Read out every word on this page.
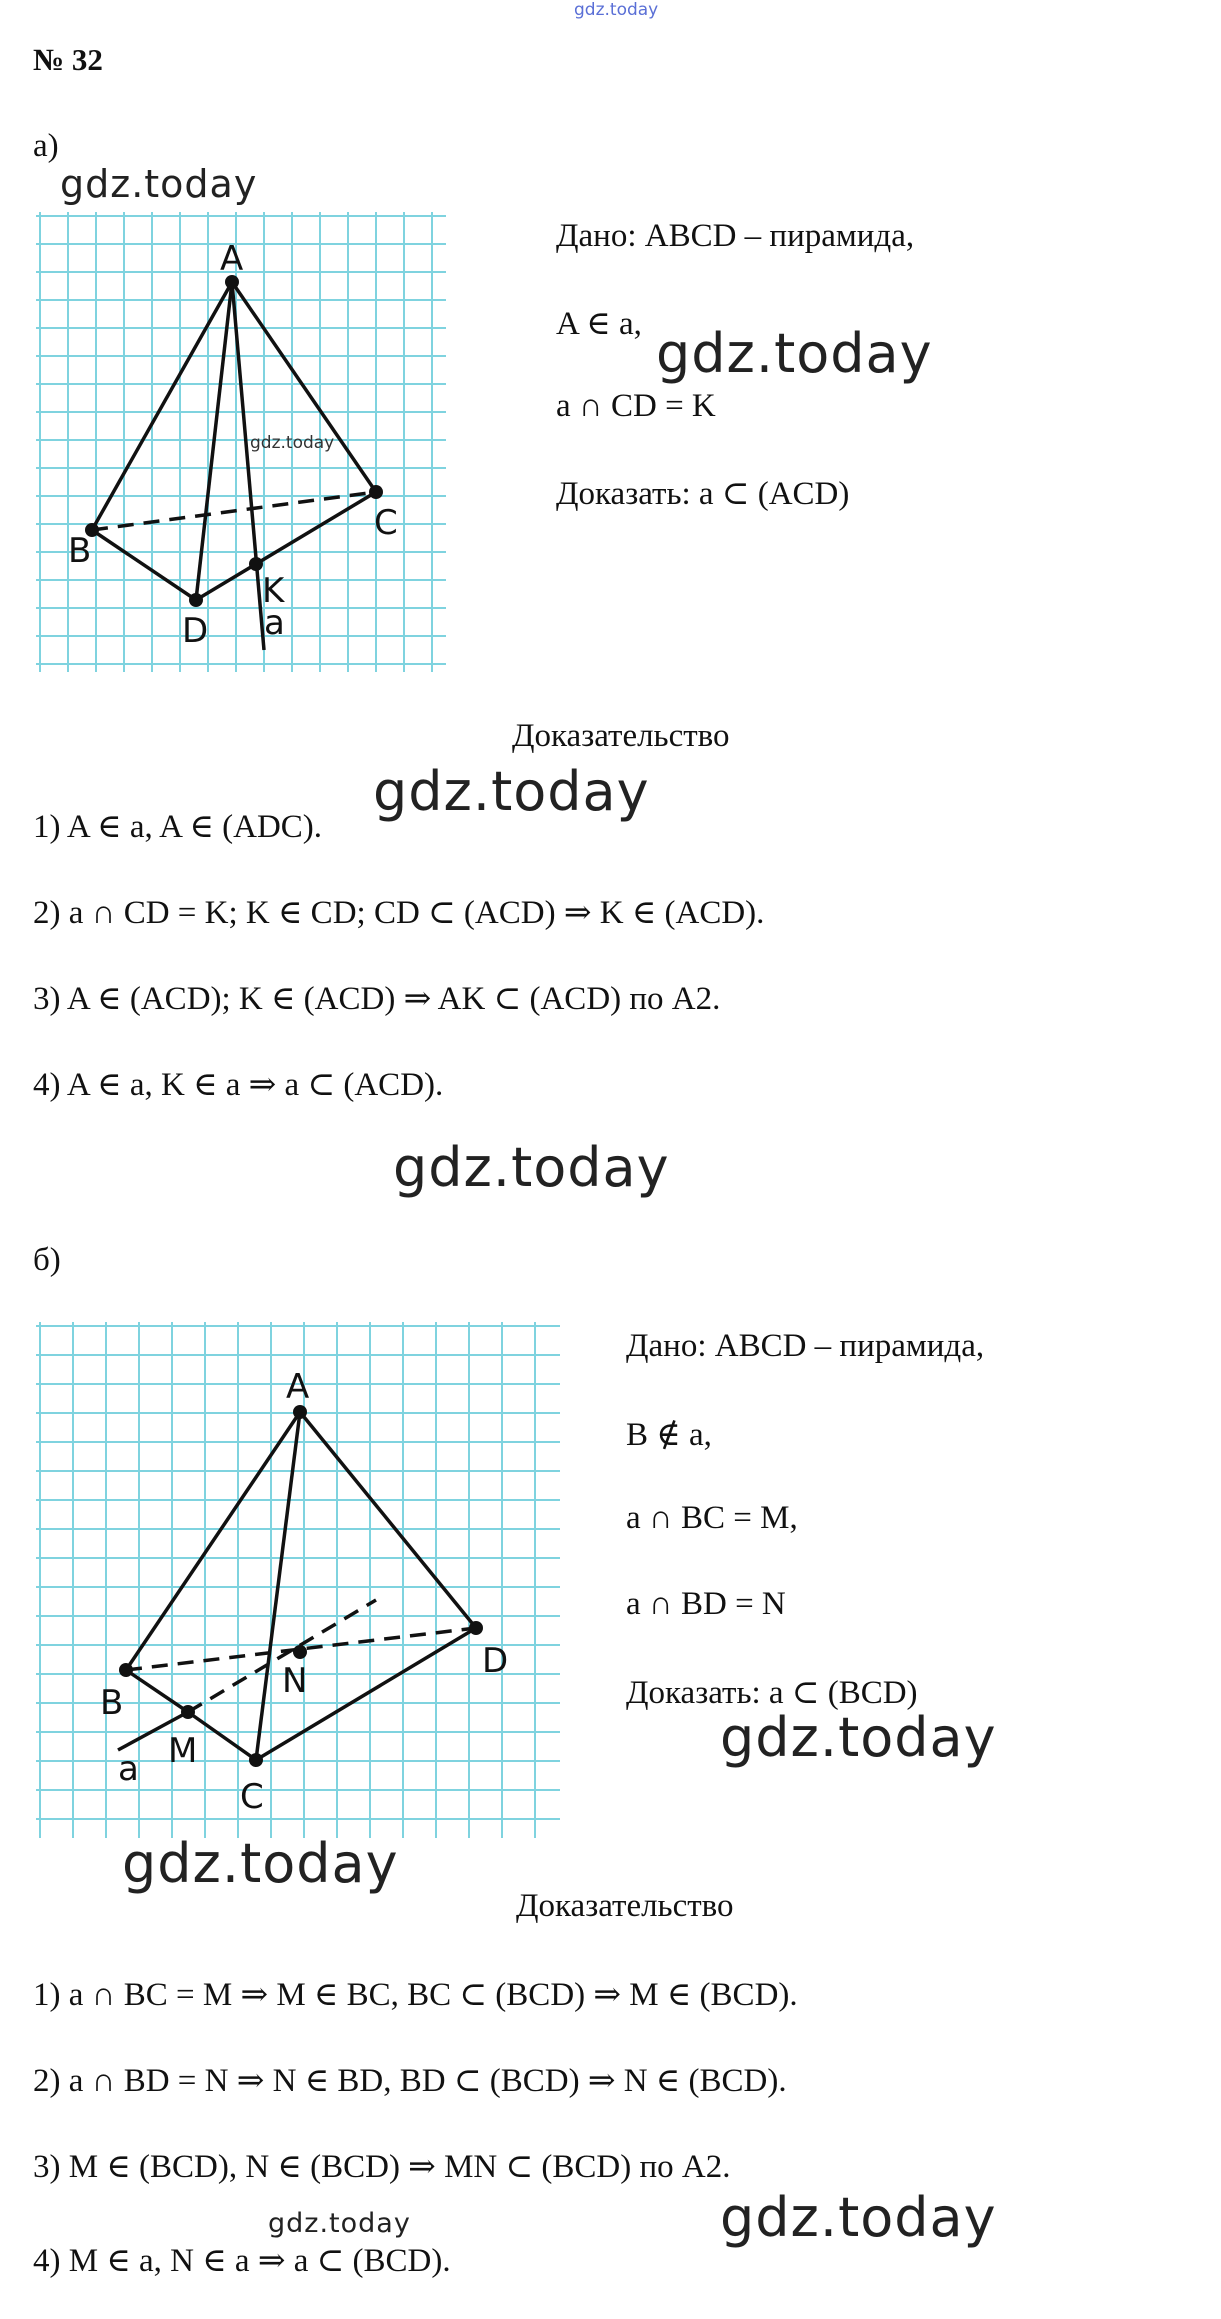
gdz.today
№ 32
а)
gdz.today
A
B
C
D
K
a
gdz.today
Дано: ABCD – пирамида,
A ∈ a, gdz.today
a ∩ CD = K
Доказать: a ⊂ (ACD)
Доказательство
gdz.today
1) A ∈ a, A ∈ (ADC).
2) a ∩ CD = K; K ∈ CD; CD ⊂ (ACD) ⇒ K ∈ (ACD).
3) A ∈ (ACD); K ∈ (ACD) ⇒ AK ⊂ (ACD) по A2.
4) A ∈ a, K ∈ a ⇒ a ⊂ (ACD).
gdz.today
б)
A
B
C
D
M
N
a
Дано: ABCD – пирамида,
B ∉ a,
a ∩ BC = M,
a ∩ BD = N
Доказать: a ⊂ (BCD)
gdz.today
gdz.today
Доказательство
1) a ∩ BC = M ⇒ M ∈ BC, BC ⊂ (BCD) ⇒ M ∈ (BCD).
2) a ∩ BD = N ⇒ N ∈ BD, BD ⊂ (BCD) ⇒ N ∈ (BCD).
3) M ∈ (BCD), N ∈ (BCD) ⇒ MN ⊂ (BCD) по A2.
gdz.today	gdz.today
4) M ∈ a, N ∈ a ⇒ a ⊂ (BCD).
